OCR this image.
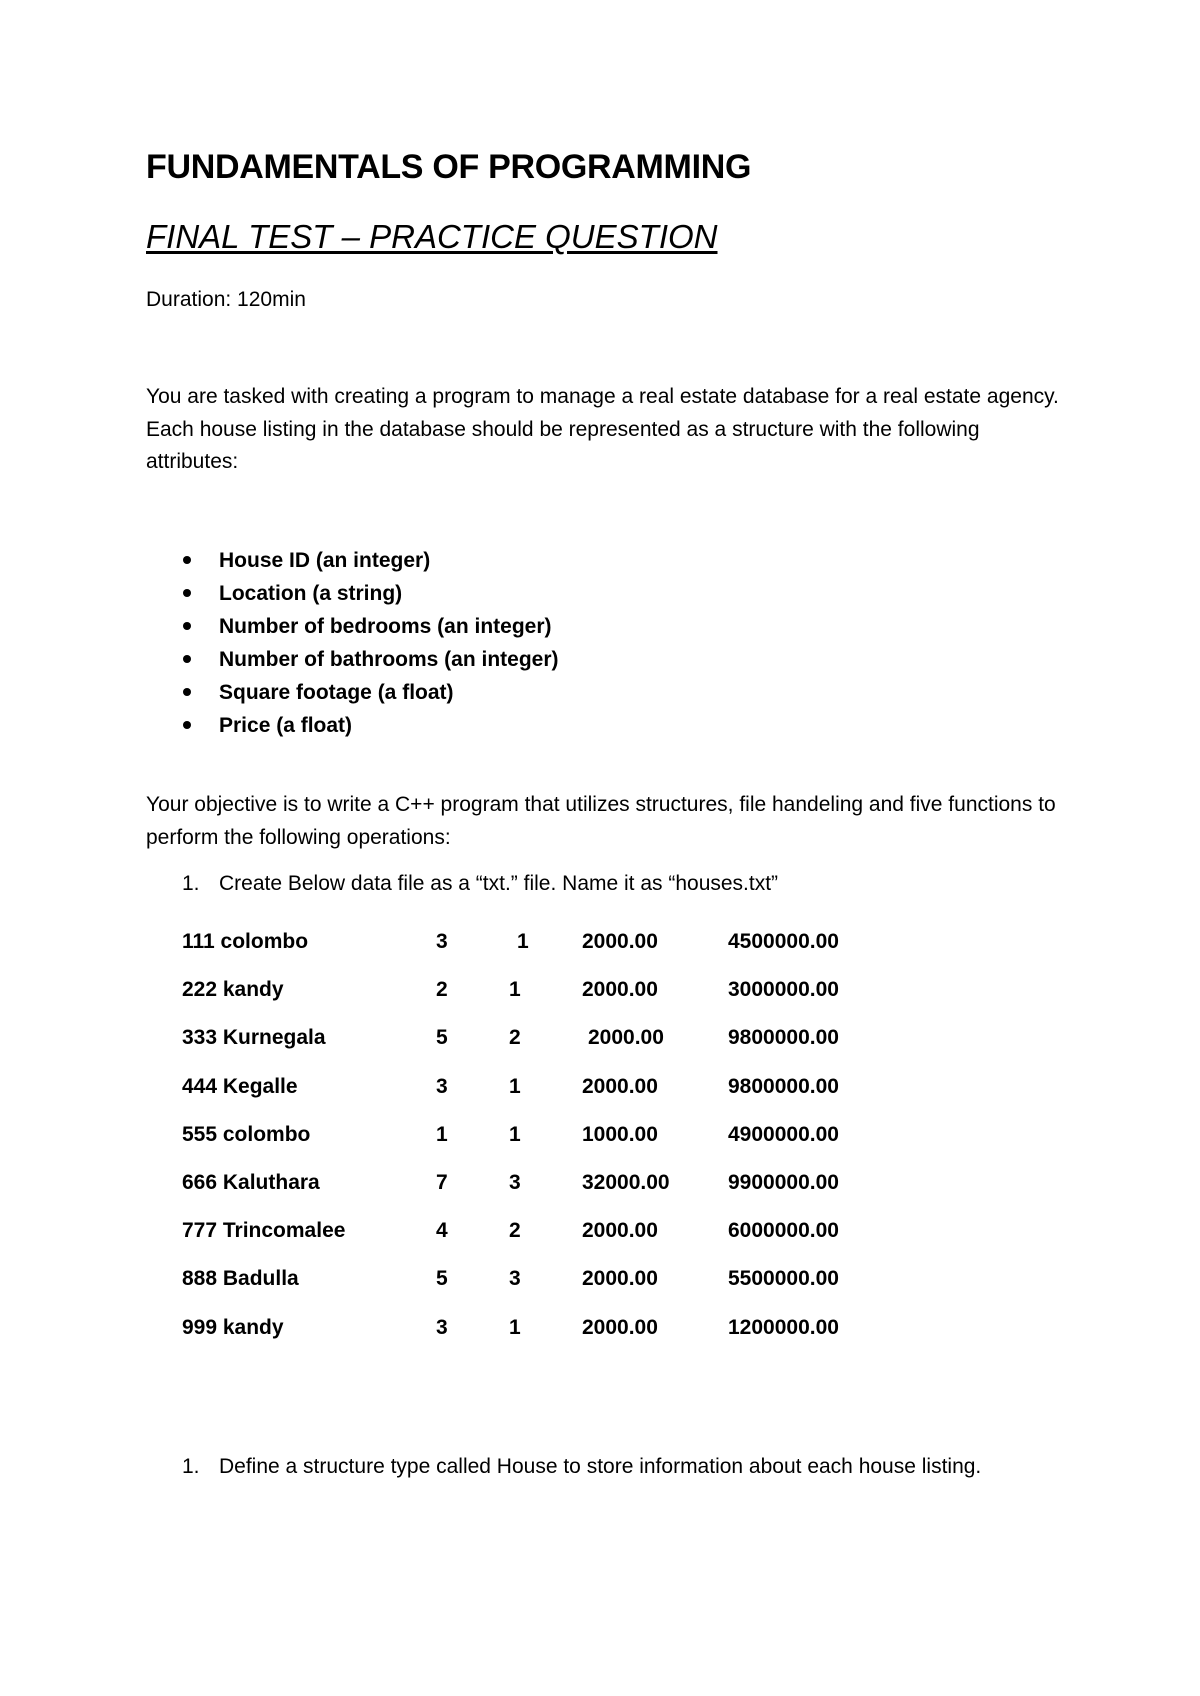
FUNDAMENTALS OF PROGRAMMING
FINAL TEST – PRACTICE QUESTION

Duration: 120min

You are tasked with creating a program to manage a real estate database for a real estate agency. Each house listing in the database should be represented as a structure with the following attributes:

House ID (an integer)
Location (a string)
Number of bedrooms (an integer)
Number of bathrooms (an integer)
Square footage (a float)
Price (a float)

Your objective is to write a C++ program that utilizes structures, file handeling and five functions to perform the following operations:

1. Create Below data file as a “txt.” file. Name it as “houses.txt”

111 colombo	3	1	2000.00	4500000.00
222 kandy	2	1	2000.00	3000000.00
333 Kurnegala	5	2	2000.00	9800000.00
444 Kegalle	3	1	2000.00	9800000.00
555 colombo	1	1	1000.00	4900000.00
666 Kaluthara	7	3	32000.00	9900000.00
777 Trincomalee	4	2	2000.00	6000000.00
888 Badulla	5	3	2000.00	5500000.00
999 kandy	3	1	2000.00	1200000.00

1. Define a structure type called House to store information about each house listing.
